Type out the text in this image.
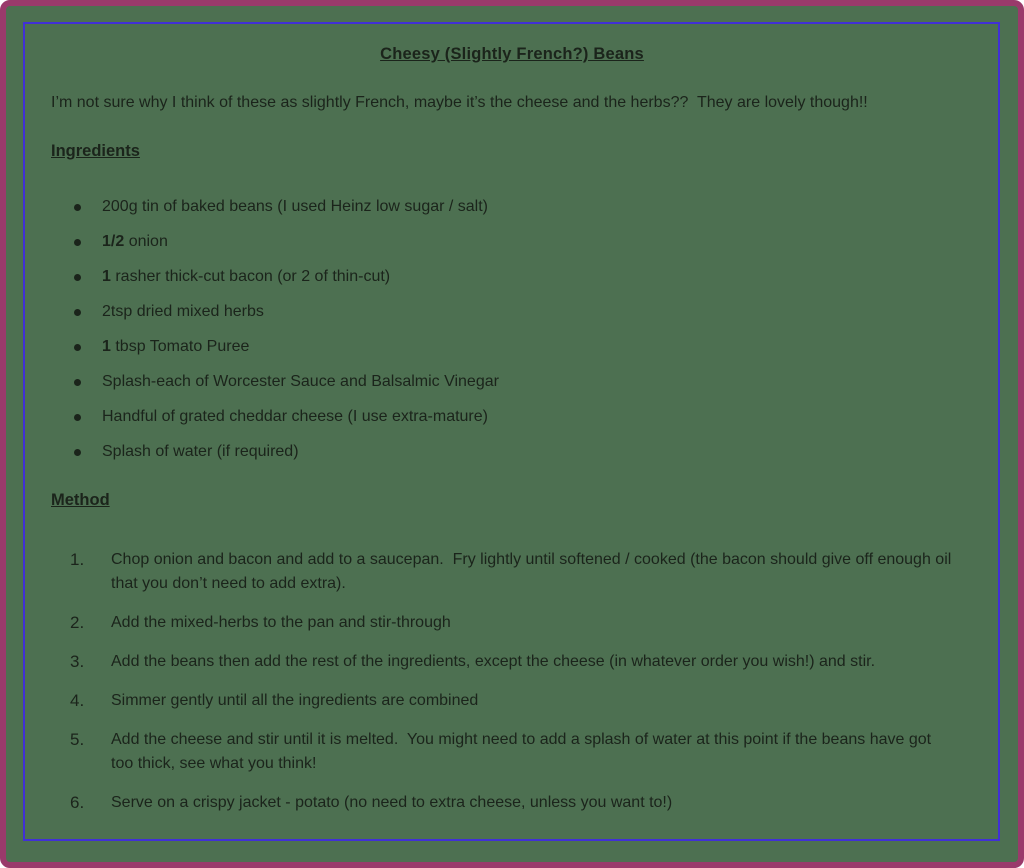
Cheesy (Slightly French?) Beans

I’m not sure why I think of these as slightly French, maybe it’s the cheese and the herbs??  They are lovely though!!

Ingredients
200g tin of baked beans (I used Heinz low sugar / salt)
1/2 onion
1 rasher thick-cut bacon (or 2 of thin-cut)
2tsp dried mixed herbs
1 tbsp Tomato Puree
Splash-each of Worcester Sauce and Balsalmic Vinegar
Handful of grated cheddar cheese (I use extra-mature)
Splash of water (if required)
Method
1.	Chop onion and bacon and add to a saucepan.  Fry lightly until softened / cooked (the bacon should give off enough oil that you don’t need to add extra).
2.	Add the mixed-herbs to the pan and stir-through
3.	Add the beans then add the rest of the ingredients, except the cheese (in whatever order you wish!) and stir.
4.	Simmer gently until all the ingredients are combined
5.	Add the cheese and stir until it is melted.  You might need to add a splash of water at this point if the beans have got too thick, see what you think!
6.	Serve on a crispy jacket - potato (no need to extra cheese, unless you want to!)
